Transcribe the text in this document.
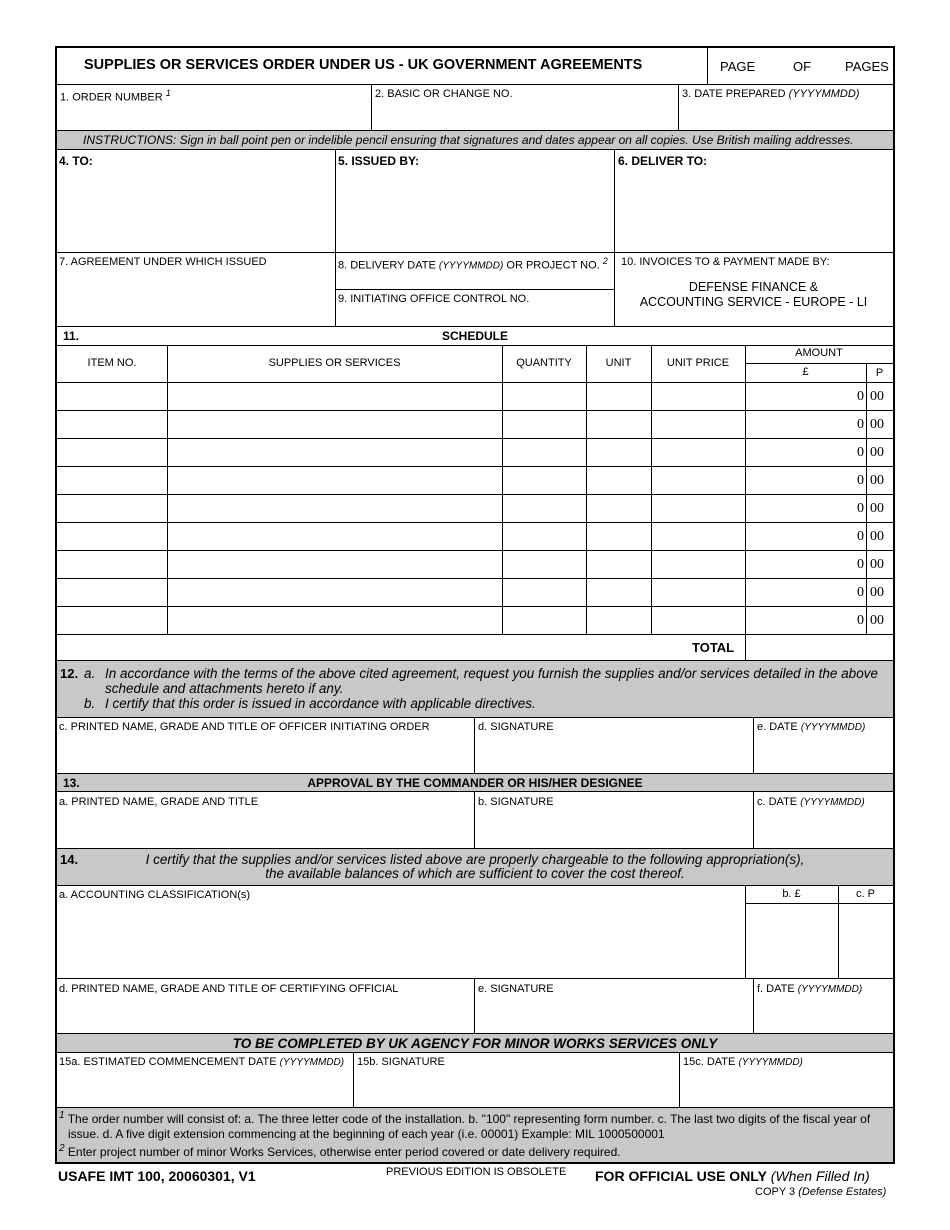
SUPPLIES OR SERVICES ORDER UNDER US - UK GOVERNMENT AGREEMENTS	PAGE	OF	PAGES
1. ORDER NUMBER $^1$	2. BASIC OR CHANGE NO.	3. DATE PREPARED (YYYYMMDD)
INSTRUCTIONS: Sign in ball point pen or indelible pencil ensuring that signatures and dates appear on all copies. Use British mailing addresses.
4. TO:	5. ISSUED BY:	6. DELIVER TO:
7. AGREEMENT UNDER WHICH ISSUED	8. DELIVERY DATE (YYYYMMDD) OR PROJECT NO. $^2$
9. INITIATING OFFICE CONTROL NO.
10. INVOICES TO & PAYMENT MADE BY:
DEFENSE FINANCE &
ACCOUNTING SERVICE - EUROPE - LI
11.	SCHEDULE
ITEM NO.	SUPPLIES OR SERVICES	QUANTITY	UNIT	UNIT PRICE
AMOUNT
£	P
0 00
0 00
0 00
0 00
0 00
0 00
0 00
0 00
0 00
TOTAL
12. a. In accordance with the terms of the above cited agreement, request you furnish the supplies and/or services detailed in the above
schedule and attachments hereto if any.
b. I certify that this order is issued in accordance with applicable directives.
c. PRINTED NAME, GRADE AND TITLE OF OFFICER INITIATING ORDER	d. SIGNATURE	e. DATE (YYYYMMDD)
13.	APPROVAL BY THE COMMANDER OR HIS/HER DESIGNEE
a. PRINTED NAME, GRADE AND TITLE	b. SIGNATURE	c. DATE (YYYYMMDD)
14.	I certify that the supplies and/or services listed above are properly chargeable to the following appropriation(s),
the available balances of which are sufficient to cover the cost thereof.
a. ACCOUNTING CLASSIFICATION(s)	b. £	c. P
d. PRINTED NAME, GRADE AND TITLE OF CERTIFYING OFFICIAL	e. SIGNATURE	f. DATE (YYYYMMDD)
TO BE COMPLETED BY UK AGENCY FOR MINOR WORKS SERVICES ONLY
15a. ESTIMATED COMMENCEMENT DATE (YYYYMMDD) 15b. SIGNATURE	15c. DATE (YYYYMMDD)
$^1$ The order number will consist of: a. The three letter code of the installation. b. "100" representing form number. c. The last two digits of the fiscal year of
issue. d. A five digit extension commencing at the beginning of each year (i.e. 00001) Example: MIL 1000500001
$^2$ Enter project number of minor Works Services, otherwise enter period covered or date delivery required.
USAFE IMT 100, 20060301, V1	PREVIOUS EDITION IS OBSOLETE FOR OFFICIAL USE ONLY (When Filled In)
COPY 3 (Defense Estates)
